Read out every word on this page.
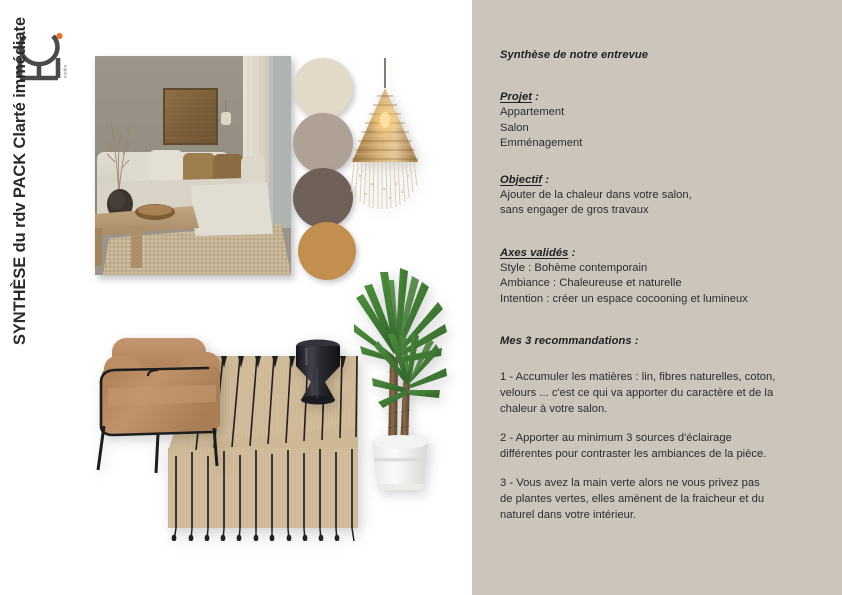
studio
SYNTHÈSE du rdv PACK Clarté immédiate	Synthèse de notre entrevue
Projet :
Appartement
Salon
Emménagement
Objectif :
Ajouter de la chaleur dans votre salon,
sans engager de gros travaux
Axes validés :
Style : Bohème contemporain
Ambiance : Chaleureuse et naturelle
Intention : créer un espace cocooning et lumineux
Mes 3 recommandations :
1 - Accumuler les matières : lin, fibres naturelles, coton,
velours ... c'est ce qui va apporter du caractère et de la
chaleur à votre salon.
2 - Apporter au minimum 3 sources d'éclairage
différentes pour contraster les ambiances de la pièce.
3 - Vous avez la main verte alors ne vous privez pas
de plantes vertes, elles amènent de la fraicheur et du
naturel dans votre intérieur.
